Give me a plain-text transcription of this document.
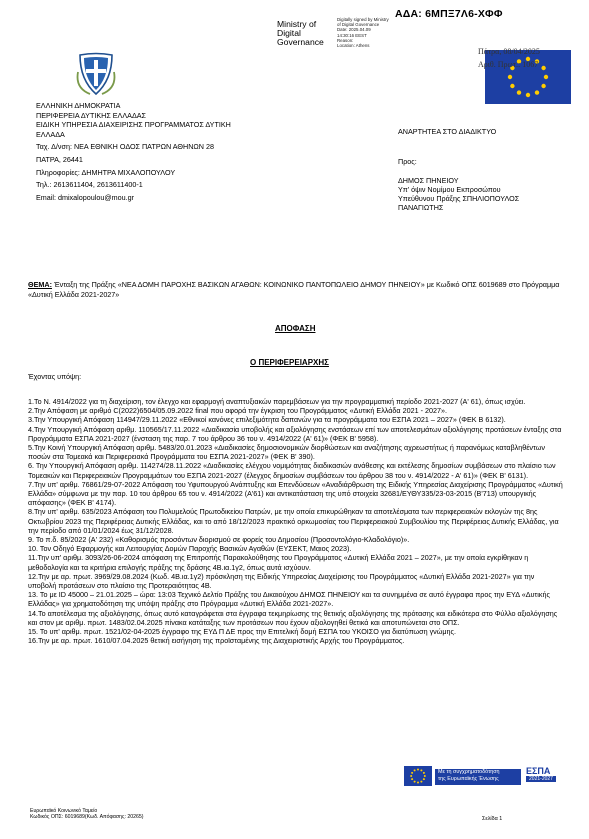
ΑΔΑ: 6ΜΠΞ7Λ6-ΧΦΦ
Ministry of
Digital
Governance
Digitally signed by Ministry
of Digital Governance
Date: 2025.04.09
14:30:16 EEST
Reason:
Location: Athens
Πάτρα, 08/04/2025
Αριθ. Πρωτ.: 1067
ΕΛΛΗΝΙΚΗ ΔΗΜΟΚΡΑΤΙΑ
ΠΕΡΙΦΕΡΕΙΑ ΔΥΤΙΚΗΣ ΕΛΛΑΔΑΣ
ΕΙΔΙΚΗ ΥΠΗΡΕΣΙΑ ΔΙΑΧΕΙΡΙΣΗΣ ΠΡΟΓΡΑΜΜΑΤΟΣ ΔΥΤΙΚΗ
ΕΛΛΑΔΑ
Ταχ. Δ/νση: ΝΕΑ ΕΘΝΙΚΗ ΟΔΟΣ ΠΑΤΡΩΝ ΑΘΗΝΩΝ 28
ΠΑΤΡΑ, 26441
Πληροφορίες: ΔΗΜΗΤΡΑ ΜΙΧΑΛΟΠΟΥΛΟΥ
Τηλ.: 2613611404, 2613611400-1
Email: dmixalopoulou@mou.gr
ΑΝΑΡΤΗΤΕΑ ΣΤΟ ΔΙΑΔΙΚΤΥΟ
Προς:
ΔΗΜΟΣ ΠΗΝΕΙΟΥ
Υπ' όψιν Νομίμου Εκπροσώπου
Υπεύθυνου Πράξης ΣΠΗΛΙΟΠΟΥΛΟΣ
ΠΑΝΑΓΙΩΤΗΣ
ΘΕΜΑ: Ένταξη της Πράξης «ΝΕΑ ΔΟΜΗ ΠΑΡΟΧΗΣ ΒΑΣΙΚΩΝ ΑΓΑΘΩΝ: ΚΟΙΝΩΝΙΚΟ ΠΑΝΤΟΠΩΛΕΙΟ ΔΗΜΟΥ ΠΗΝΕΙΟΥ» με Κωδικό ΟΠΣ 6019689 στο Πρόγραμμα «Δυτική Ελλάδα 2021-2027»
ΑΠΟΦΑΣΗ
Ο ΠΕΡΙΦΕΡΕΙΑΡΧΗΣ
Έχοντας υπόψη:

1.Το Ν. 4914/2022 για τη διαχείριση, τον έλεγχο και εφαρμογή αναπτυξιακών παρεμβάσεων για την προγραμματική περίοδο 2021-2027 (Α' 61), όπως ισχύει.

2.Την Απόφαση με αριθμό C(2022)6504/05.09.2022 final που αφορά την έγκριση του Προγράμματος «Δυτική Ελλάδα 2021 - 2027».

3.Την Υπουργική Απόφαση 114947/29.11.2022 «Εθνικοί κανόνες επιλεξιμότητα δαπανών για τα προγράμματα του ΕΣΠΑ 2021 – 2027» (ΦΕΚ Β 6132).

4.Την Υπουργική Απόφαση αριθμ. 110565/17.11.2022 «Διαδικασία υποβολής και αξιολόγησης ενστάσεων επί των αποτελεσμάτων αξιολόγησης προτάσεων ένταξης στα Προγράμματα ΕΣΠΑ 2021-2027 (ένσταση της παρ. 7 του άρθρου 36 του ν. 4914/2022 (Α' 61)» (ΦΕΚ Β' 5958).

5.Την Κοινή Υπουργική Απόφαση αριθμ. 5483/20.01.2023 «Διαδικασίες δημοσιονομικών διορθώσεων και αναζήτησης αχρεωστήτως ή παρανόμως καταβληθέντων ποσών στα Τομεακά και Περιφερειακά Προγράμματα του ΕΣΠΑ 2021-2027» (ΦΕΚ Β' 390).

6. Την Υπουργική Απόφαση αριθμ. 114274/28.11.2022 «Διαδικασίες ελέγχου νομιμότητας διαδικασιών ανάθεσης και εκτέλεσης δημοσίων συμβάσεων στο πλαίσιο των Τομεακών και Περιφερειακών Προγραμμάτων του ΕΣΠΑ 2021-2027 (έλεγχος δημοσίων συμβάσεων του άρθρου 38 του ν. 4914/2022 - Α' 61)» (ΦΕΚ Β' 6131).

7.Την υπ' αριθμ. 76861/29-07-2022 Απόφαση του Υφυπουργού Ανάπτυξης και Επενδύσεων «Αναδιάρθρωση της Ειδικής Υπηρεσίας Διαχείρισης Προγράμματος «Δυτική Ελλάδα» σύμφωνα με την παρ. 10 του άρθρου 65 του ν. 4914/2022 (Α'61) και αντικατάσταση της υπό στοιχεία 32681/ΕΥΘΥ335/23-03-2015 (Β'713) υπουργικής απόφασης» (ΦΕΚ Β' 4174).

8.Την υπ' αριθμ. 635/2023 Απόφαση του Πολυμελούς Πρωτοδικείου Πατρών, με την οποία επικυρώθηκαν τα αποτελέσματα των περιφερειακών εκλογών της 8ης Οκτωβρίου 2023 της Περιφέρειας Δυτικής Ελλάδας, και το από 18/12/2023 πρακτικό ορκωμοσίας του Περιφερειακού Συμβουλίου της Περιφέρειας Δυτικής Ελλάδας, για την περίοδο από 01/01/2024 έως 31/12/2028.

9. Το π.δ. 85/2022 (Α' 232) «Καθορισμός προσόντων διορισμού σε φορείς του Δημοσίου (Προσοντολόγιο-Κλαδολόγιο)».

10. Τον Οδηγό Εφαρμογής και Λειτουργίας Δομών Παροχής Βασικών Αγαθών (ΕΥΣΕΚΤ, Μαιος 2023).

11.Την υπ' αριθμ. 3093/26-06-2024 απόφαση της Επιτροπής Παρακολούθησης του Προγράμματος «Δυτική Ελλάδα 2021 – 2027», με την οποία εγκρίθηκαν η μεθοδολογία και τα κριτήρια επιλογής πράξης της δράσης 4Β.ια.1γ2, όπως αυτά ισχύουν.

12.Την με αρ. πρωτ. 3969/29.08.2024 (Κωδ. 4Β.ια.1γ2) πρόσκληση της Ειδικής Υπηρεσίας Διαχείρισης του Προγράμματος «Δυτική Ελλάδα 2021-2027» για την υποβολή προτάσεων στο πλαίσιο της Προτεραιότητας 4Β.

13. Το με ID 45000 – 21.01.2025 – ώρα: 13:03 Τεχνικό Δελτίο Πράξης του Δικαιούχου ΔΗΜΟΣ ΠΗΝΕΙΟΥ και τα συνημμένα σε αυτό έγγραφα προς την ΕΥΔ «Δυτικής Ελλάδας» για χρηματοδότηση της υπόψη πράξης στο Πρόγραμμα «Δυτική Ελλάδα 2021-2027».

14.Το αποτέλεσμα της αξιολόγησης, όπως αυτό καταγράφεται στα έγγραφα τεκμηρίωσης της θετικής αξιολόγησης της πρότασης και ειδικότερα στο Φύλλο αξιολόγησης και στον με αριθμ. πρωτ. 1483/02.04.2025 πίνακα κατάταξης των προτάσεων που έχουν αξιολογηθεί θετικά και αποτυπώνεται στο ΟΠΣ.

15. Το υπ' αριθμ. πρωτ. 1521/02-04-2025 έγγραφο της ΕΥΔ Π ΔΕ προς την Επιτελική δομή ΕΣΠΑ του ΥΚΟΙΣΟ για διατύπωση γνώμης.

16.Την με αρ. πρωτ. 1610/07.04.2025 θετική εισήγηση της προϊσταμένης της Διαχειριστικής Αρχής του Προγράμματος.

Με τη συγχρηματοδότηση
της Ευρωπαϊκής Ένωσης
ΕΣΠΑ
2021-2027
Ευρωπαϊκό Κοινωνικό Ταμείο
Κωδικός ΟΠΣ: 6019689(Κωδ. Απόφασης: 20265)	Σελίδα 1
